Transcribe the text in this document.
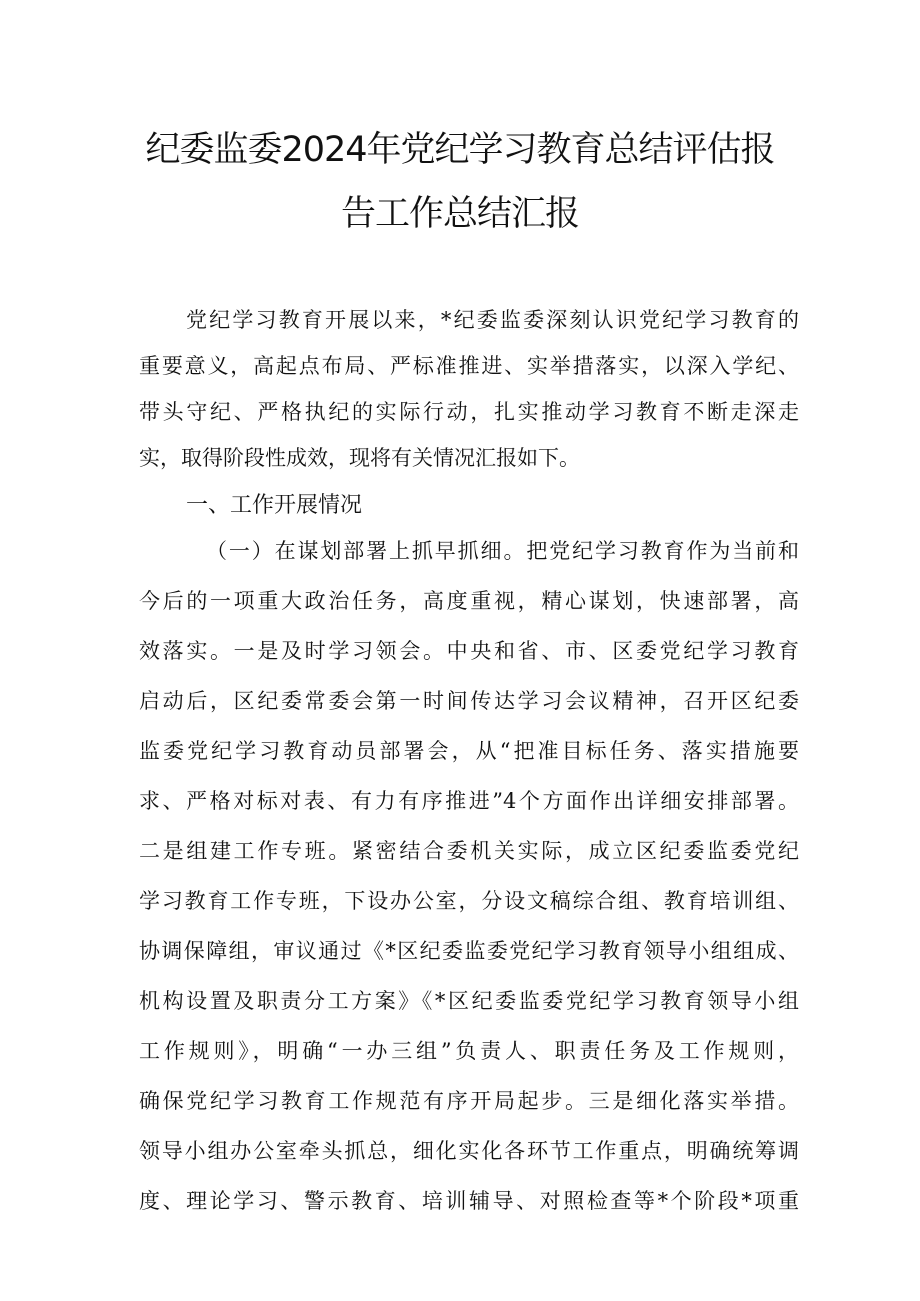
纪委监委2024年党纪学习教育总结评估报
告工作总结汇报
党纪学习教育开展以来，*纪委监委深刻认识党纪学习教育的
重要意义，高起点布局、严标准推进、实举措落实，以深入学纪、
带头守纪、严格执纪的实际行动，扎实推动学习教育不断走深走
实，取得阶段性成效，现将有关情况汇报如下。
一、工作开展情况
（一）在谋划部署上抓早抓细。把党纪学习教育作为当前和
今后的一项重大政治任务，高度重视，精心谋划，快速部署，高
效落实。一是及时学习领会。中央和省、市、区委党纪学习教育
启动后，区纪委常委会第一时间传达学习会议精神，召开区纪委
监委党纪学习教育动员部署会，从“把准目标任务、落实措施要
求、严格对标对表、有力有序推进”4个方面作出详细安排部署。
二是组建工作专班。紧密结合委机关实际，成立区纪委监委党纪
学习教育工作专班，下设办公室，分设文稿综合组、教育培训组、
协调保障组，审议通过《*区纪委监委党纪学习教育领导小组组成、
机构设置及职责分工方案》《*区纪委监委党纪学习教育领导小组
工作规则》，明确“一办三组”负责人、职责任务及工作规则，
确保党纪学习教育工作规范有序开局起步。三是细化落实举措。
领导小组办公室牵头抓总，细化实化各环节工作重点，明确统筹调
度、理论学习、警示教育、培训辅导、对照检查等*个阶段*项重
